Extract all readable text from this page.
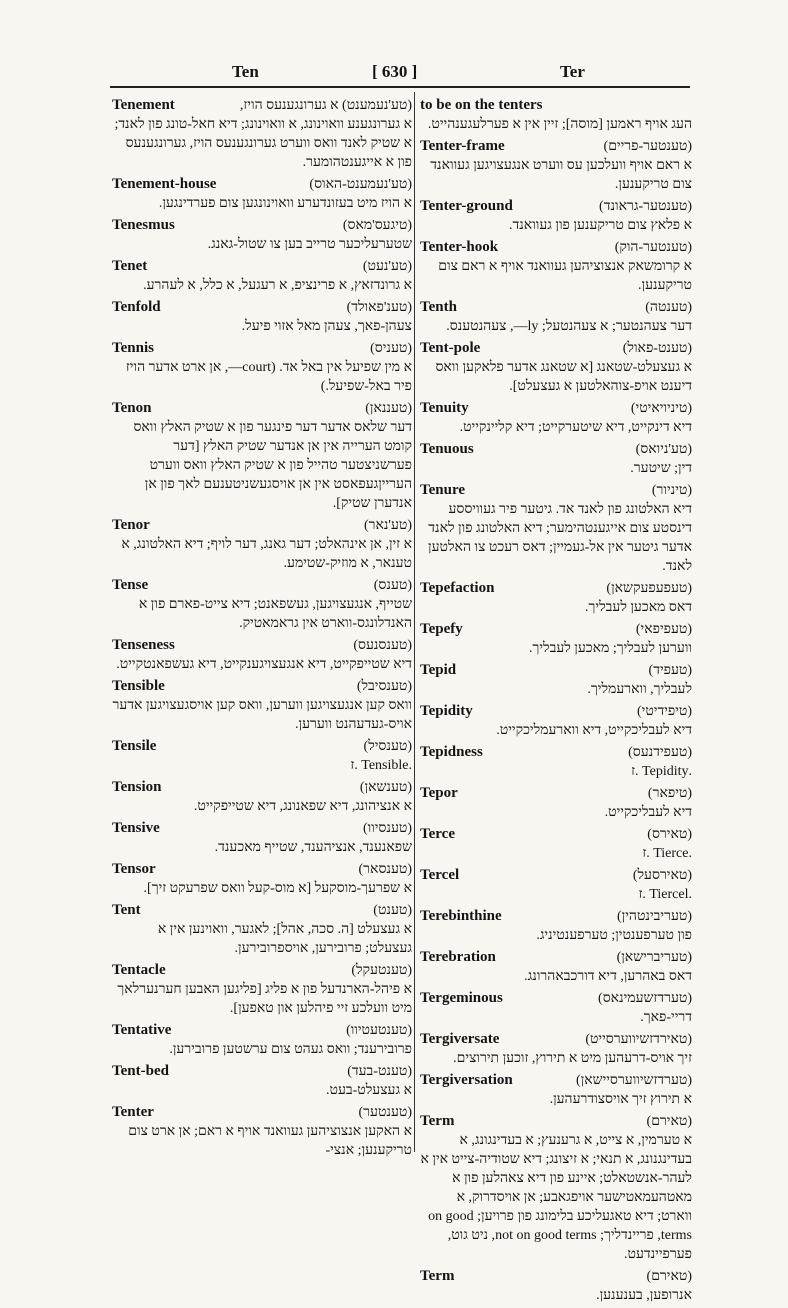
Ten	[ 630 ]	Ter
Tenement	(טע'נעמענט) א גערונגענעס הויז,
א גערונגענע וואוינונג, א וואוינונג; דיא חאל-טונג פון לאנד; א שטיק לאנד וואס ווערט גערונגענעס הויז, גערונגענעס פון א אייגענטהומער.
Tenement-house	(טע'נעמענט-האוס)
א הויז מיט בעזונדערע וואוינונגען צום פערדינגען.
Tenesmus	(טיגעס'מאס)
שטערעליכער טרייב בען צו שטול-גאנג.
Tenet	(טע'נעט)
א גרונדזאץ, א פרינציפ, א רעגעל, א כלל, א לעהרע.
Tenfold	(טענ'פאולד)
צעהן-פאך, צעהן מאל אזוי פיעל.
Tennis	(טעניס)
א מין שפיעל אין באל אד. (court—, אן ארט אדער הויז פיר באל-שפיעל.)
Tenon	(טעננאן)
דער שלאס אדער דער פינגער פון א שטיק האלץ וואס קומט הערייה אין אן אנדער שטיק האלץ [דער פערשניצטער טהייל פון א שטיק האלץ וואס ווערט הערייןגעפאסט אין אן אויסגעשניטענעם לאך פון אן אנדערן שטיק].
Tenor	(טע'נאר)
א זין, אן אינהאלט; דער גאנג, דער לויף; דיא האלטונג, א טענאר, א מוזיק-שטימע.
Tense	(טענס)
שטייף, אנגעצויגען, געשפאנט; דיא צייט-פארם פון א האנדלונגס-ווארט אין גראמאטיק.
Tenseness	(טענסנעס)
דיא שטייפקייט, דיא אנגעצויגענקייט, דיא געשפאנטקייט.
Tensible	(טענסיבל)
וואס קען אנגעצויגען ווערען, וואס קען אויסגעצויגען אדער אויס-געדעהנט ווערען.
Tensile	(טענסיל)
.Tensible .ז
Tension	(טענשאן)
א אנציהונג, דיא שפאנונג, דיא שטייפקייט.
Tensive	(טענסיוו)
שפאנענד, אנציהענד, שטייף מאכענד.
Tensor	(טענסאר)
א שפרעך-מוסקעל [א מוס-קעל וואס שפרעקט זיך].
Tent	(טענט)
א געצעלט [ה. סכה, אהל]; לאגער, וואוינען אין א געצעלט; פרובירען, אויספרובירען.
Tentacle	(טענטעקל)
א פיהל-הארנדעל פון א פליג [פליגען האבען חערנערלאך מיט וועלכע זיי פיהלען און טאפען].
Tentative	(טענטעטיוו)
פרובירענד; וואס געהט צום ערשטען פרובירען.
Tent-bed	(טענט-בעד)
א געצעלט-בעט.
Tenter	(טענטער)
א האקען אנצוציהען געוואנד אויף א ראם; אן ארט צום טריקענען; אנצי-
to be on the tenters
העג אויף ראמען [מוסה]; זיין אין א פערלעגענהייט.
Tenter-frame	(טענטער-פריים)
א ראם אויף וועלכען עס ווערט אנגעצויגען געוואנד צום טריקענען.
Tenter-ground	(טענטער-גראונד)
א פלאץ צום טריקענען פון געוואנד.
Tenter-hook	(טענטער-הוק)
א קרומשאק אנצוציהען געוואנד אויף א ראם צום טריקענען.
Tenth	(טענטה)
דער צעהנטער; א צעהנטעל; ly—, צעהנטענס.
Tent-pole	(טענט-פאול)
א געצעלט-שטאנג [א שטאנג אדער פלאקען וואס דיענט אויפ-צוהאלטען א געצעלט].
Tenuity	(טיניויאיטי)
דיא דינקייט, דיא שיטערקייט; דיא קליינקייט.
Tenuous	(טע'ניואס)
דין; שיטער.
Tenure	(טיניור)
דיא האלטונג פון לאנד אד. גיטער פיר געוויססע דינסטע צום אייגענטהימער; דיא האלטונג פון לאנד אדער גיטער אין אל-געמיין; דאס רעכט צו האלטען לאנד.
Tepefaction	(טעפעפעקשאן)
דאס מאכען לעבליך.
Tepefy	(טעפיפאי)
ווערען לעבליך; מאכען לעבליך.
Tepid	(טעפיד)
לעבליך, ווארעמליך.
Tepidity	(טיפידיטי)
דיא לעבליכקייט, דיא ווארעמליכקייט.
Tepidness	(טעפידנעס)
.Tepidity .ז
Tepor	(טיפאר)
דיא לעבליכקייט.
Terce	(טאירס)
.Tierce .ז
Tercel	(טאירסעל)
.Tiercel .ז
Terebinthine	(טעריבינטהין)
פון טערפענטין; טערפענטיניג.
Terebration	(טעריברישאן)
דאס באהרען, דיא דורכבאהרונג.
Tergeminous	(טערדזשעמינאס)
דריי-פאך.
Tergiversate	(טאירדזשיווערסייט)
זיך אויס-דרעהען מיט א תירוץ, זוכען תירוצים.
Tergiversation	(טערדזשיווערסיישאן)
א תירוץ זיך אויסצודרעהען.
Term	(טאירם)
א טערמין, א צייט, א גרענעץ; א בעדינגונג, א בעדינגנונג, א תנאי; א זיצונג; דיא שטודיה-צייט אין א לעהר-אנשטאלט; איינע פון דיא צאהלען פון א מאטהעמאטישער אויפגאבע; אן אויסדרוק, א ווארט; דיא טאגעליכע בלימונג פון פרויען; on good terms, פריינדליך; not on good terms, ניט גוט, פערפיינדעט.
Term	(טאירם)
אנרופען, בענענען.
